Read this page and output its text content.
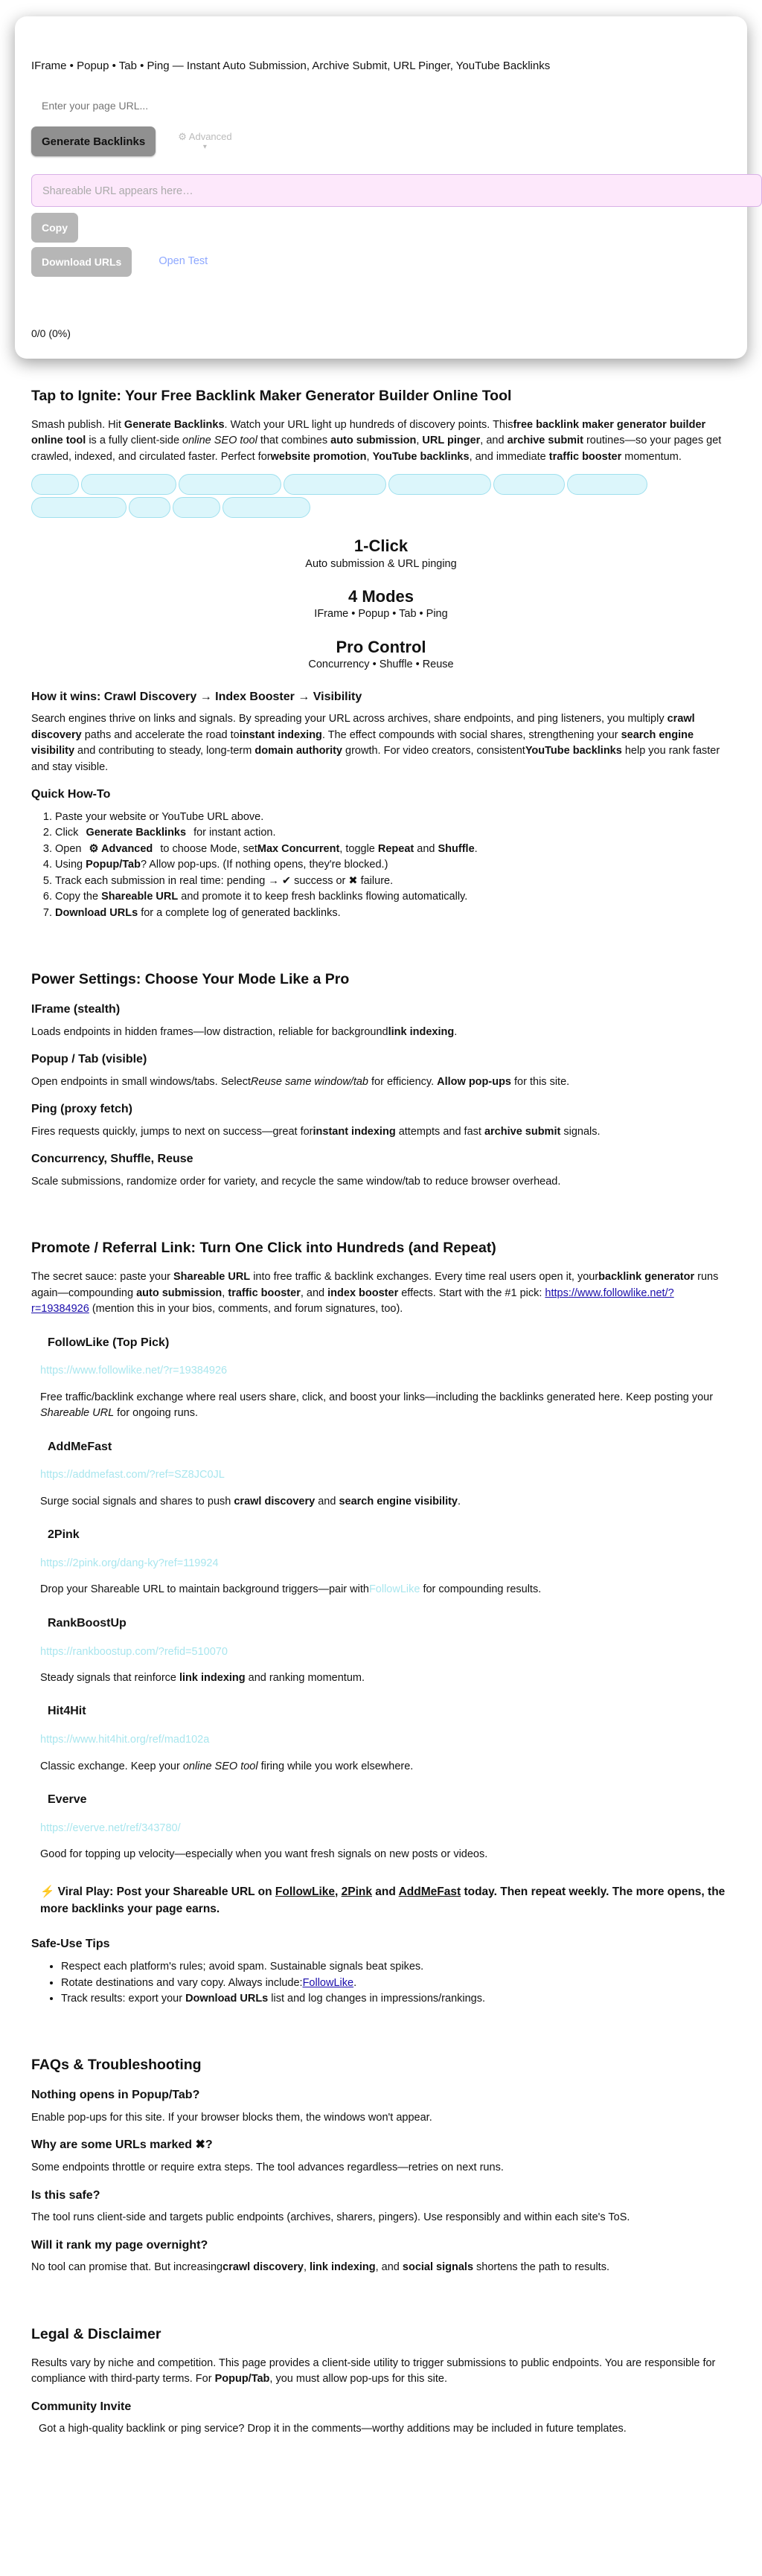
IFrame • Popup • Tab • Ping — Instant Auto Submission, Archive Submit, URL Pinger, YouTube Backlinks
Enter your page URL...
Generate Backlinks	⚙ Advanced
▾
Shareable URL appears here…
Copy
Download URLs	Open Test
0/0 (0%)
Tap to Ignite: Your Free Backlink Maker Generator Builder Online Tool

Smash publish. Hit Generate Backlinks. Watch your URL light up hundreds of discovery points. Thisfree backlink maker generator builder online tool is a fully client-side online SEO tool that combines auto submission, URL pinger, and archive submit routines—so your pages get crawled, indexed, and circulated faster. Perfect forwebsite promotion, YouTube backlinks, and immediate traffic booster momentum.

1-Click
Auto submission & URL pinging
4 Modes
IFrame • Popup • Tab • Ping
Pro Control
Concurrency • Shuffle • Reuse
How it wins: Crawl Discovery → Index Booster → Visibility

Search engines thrive on links and signals. By spreading your URL across archives, share endpoints, and ping listeners, you multiply crawl discovery paths and accelerate the road toinstant indexing. The effect compounds with social shares, strengthening your search engine visibility and contributing to steady, long-term domain authority growth. For video creators, consistentYouTube backlinks help you rank faster and stay visible.

Quick How-To
1. Paste your website or YouTube URL above.
2. Click Generate Backlinks for instant action.
3. Open ⚙ Advanced to choose Mode, setMax Concurrent, toggle Repeat and Shuffle.
4. Using Popup/Tab? Allow pop-ups. (If nothing opens, they're blocked.)
5. Track each submission in real time: pending → ✔ success or ✖ failure.
6. Copy the Shareable URL and promote it to keep fresh backlinks flowing automatically.
7. Download URLs for a complete log of generated backlinks.
Power Settings: Choose Your Mode Like a Pro
IFrame (stealth)

Loads endpoints in hidden frames—low distraction, reliable for backgroundlink indexing.

Popup / Tab (visible)

Open endpoints in small windows/tabs. SelectReuse same window/tab for efficiency. Allow pop-ups for this site.

Ping (proxy fetch)

Fires requests quickly, jumps to next on success—great forinstant indexing attempts and fast archive submit signals.

Concurrency, Shuffle, Reuse

Scale submissions, randomize order for variety, and recycle the same window/tab to reduce browser overhead.

Promote / Referral Link: Turn One Click into Hundreds (and Repeat)

The secret sauce: paste your Shareable URL into free traffic & backlink exchanges. Every time real users open it, yourbacklink generator runs again—compounding auto submission, traffic booster, and index booster effects. Start with the #1 pick: https://www.followlike.net/?r=19384926 (mention this in your bios, comments, and forum signatures, too).

FollowLike (Top Pick)
https://www.followlike.net/?r=19384926

Free traffic/backlink exchange where real users share, click, and boost your links—including the backlinks generated here. Keep posting your Shareable URL for ongoing runs.

AddMeFast
https://addmefast.com/?ref=SZ8JC0JL

Surge social signals and shares to push crawl discovery and search engine visibility.

2Pink
https://2pink.org/dang-ky?ref=119924

Drop your Shareable URL to maintain background triggers—pair withFollowLike for compounding results.

RankBoostUp
https://rankboostup.com/?refid=510070

Steady signals that reinforce link indexing and ranking momentum.

Hit4Hit
https://www.hit4hit.org/ref/mad102a

Classic exchange. Keep your online SEO tool firing while you work elsewhere.

Everve
https://everve.net/ref/343780/

Good for topping up velocity—especially when you want fresh signals on new posts or videos.

⚡ Viral Play: Post your Shareable URL on FollowLike, 2Pink and AddMeFast today. Then repeat weekly. The more opens, the more backlinks your page earns.

Safe-Use Tips
• Respect each platform's rules; avoid spam. Sustainable signals beat spikes.
• Rotate destinations and vary copy. Always include:FollowLike.
• Track results: export your Download URLs list and log changes in impressions/rankings.
FAQs & Troubleshooting
Nothing opens in Popup/Tab?

Enable pop-ups for this site. If your browser blocks them, the windows won't appear.

Why are some URLs marked ✖?

Some endpoints throttle or require extra steps. The tool advances regardless—retries on next runs.

Is this safe?

The tool runs client-side and targets public endpoints (archives, sharers, pingers). Use responsibly and within each site's ToS.

Will it rank my page overnight?

No tool can promise that. But increasingcrawl discovery, link indexing, and social signals shortens the path to results.

Legal & Disclaimer

Results vary by niche and competition. This page provides a client-side utility to trigger submissions to public endpoints. You are responsible for compliance with third-party terms. For Popup/Tab, you must allow pop-ups for this site.

Community Invite

Got a high-quality backlink or ping service? Drop it in the comments—worthy additions may be included in future templates.
